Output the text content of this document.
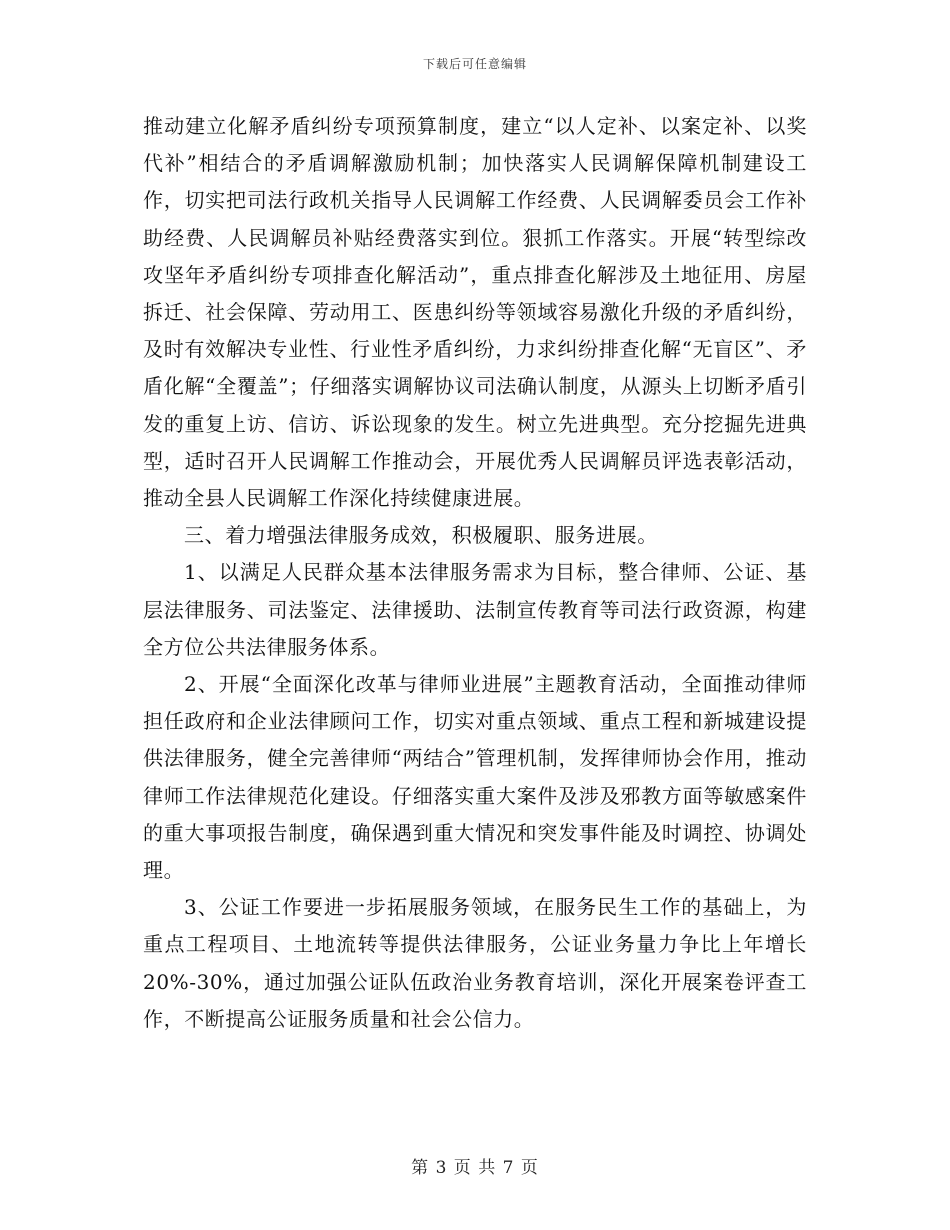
下载后可任意编辑

推动建立化解矛盾纠纷专项预算制度，建立“以人定补、以案定补、以奖代补”相结合的矛盾调解激励机制；加快落实人民调解保障机制建设工作，切实把司法行政机关指导人民调解工作经费、人民调解委员会工作补助经费、人民调解员补贴经费落实到位。狠抓工作落实。开展“转型综改攻坚年矛盾纠纷专项排查化解活动”，重点排查化解涉及土地征用、房屋拆迁、社会保障、劳动用工、医患纠纷等领域容易激化升级的矛盾纠纷，及时有效解决专业性、行业性矛盾纠纷，力求纠纷排查化解“无盲区”、矛盾化解“全覆盖”；仔细落实调解协议司法确认制度，从源头上切断矛盾引发的重复上访、信访、诉讼现象的发生。树立先进典型。充分挖掘先进典型，适时召开人民调解工作推动会，开展优秀人民调解员评选表彰活动，推动全县人民调解工作深化持续健康进展。

三、着力增强法律服务成效，积极履职、服务进展。

1、以满足人民群众基本法律服务需求为目标，整合律师、公证、基层法律服务、司法鉴定、法律援助、法制宣传教育等司法行政资源，构建全方位公共法律服务体系。

2、开展“全面深化改革与律师业进展”主题教育活动，全面推动律师担任政府和企业法律顾问工作，切实对重点领域、重点工程和新城建设提供法律服务，健全完善律师“两结合”管理机制，发挥律师协会作用，推动律师工作法律规范化建设。仔细落实重大案件及涉及邪教方面等敏感案件的重大事项报告制度，确保遇到重大情况和突发事件能及时调控、协调处理。

3、公证工作要进一步拓展服务领域，在服务民生工作的基础上，为重点工程项目、土地流转等提供法律服务，公证业务量力争比上年增长20%-30%，通过加强公证队伍政治业务教育培训，深化开展案卷评查工作，不断提高公证服务质量和社会公信力。

第 3 页 共 7 页
